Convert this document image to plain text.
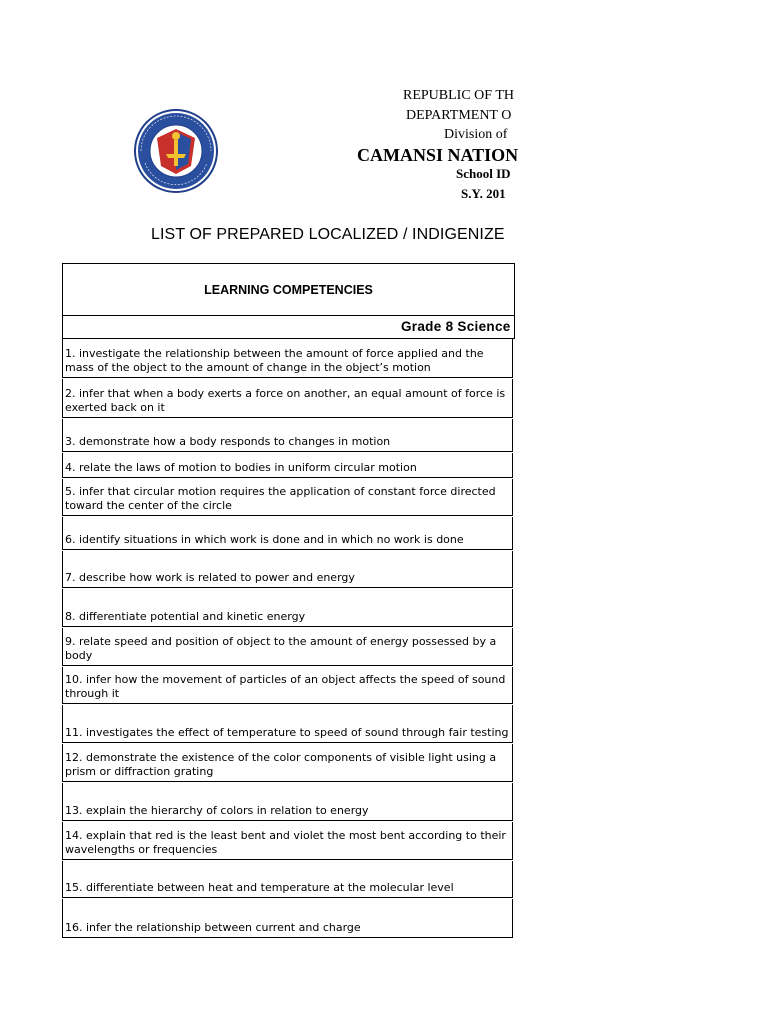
REPUBLIC OF TH
DEPARTMENT O
Division of
CAMANSI NATION
School ID
S.Y. 201
LIST OF PREPARED LOCALIZED / INDIGENIZE
LEARNING COMPETENCIES
Grade 8 Science
1. investigate the relationship between the amount of force applied and the mass of the object to the amount of change in the object’s motion
2. infer that when a body exerts a force on another, an equal amount of force is exerted back on it
3. demonstrate how a body responds to changes in motion
4. relate the laws of motion to bodies in uniform circular motion
5. infer that circular motion requires the application of constant force directed toward the center of the circle
6. identify situations in which work is done and in which no work is done
7. describe how work is related to power and energy
8. differentiate potential and kinetic energy
9. relate speed and position of object to the amount of energy possessed by a body
10. infer how the movement of particles of an object affects the speed of sound through it
11. investigates the effect of temperature to speed of sound through fair testing
12. demonstrate the existence of the color components of visible light using a prism or diffraction grating
13. explain the hierarchy of colors in relation to energy
14. explain that red is the least bent and violet the most bent according to their wavelengths or frequencies
15. differentiate between heat and temperature at the molecular level
16. infer the relationship between current and charge
